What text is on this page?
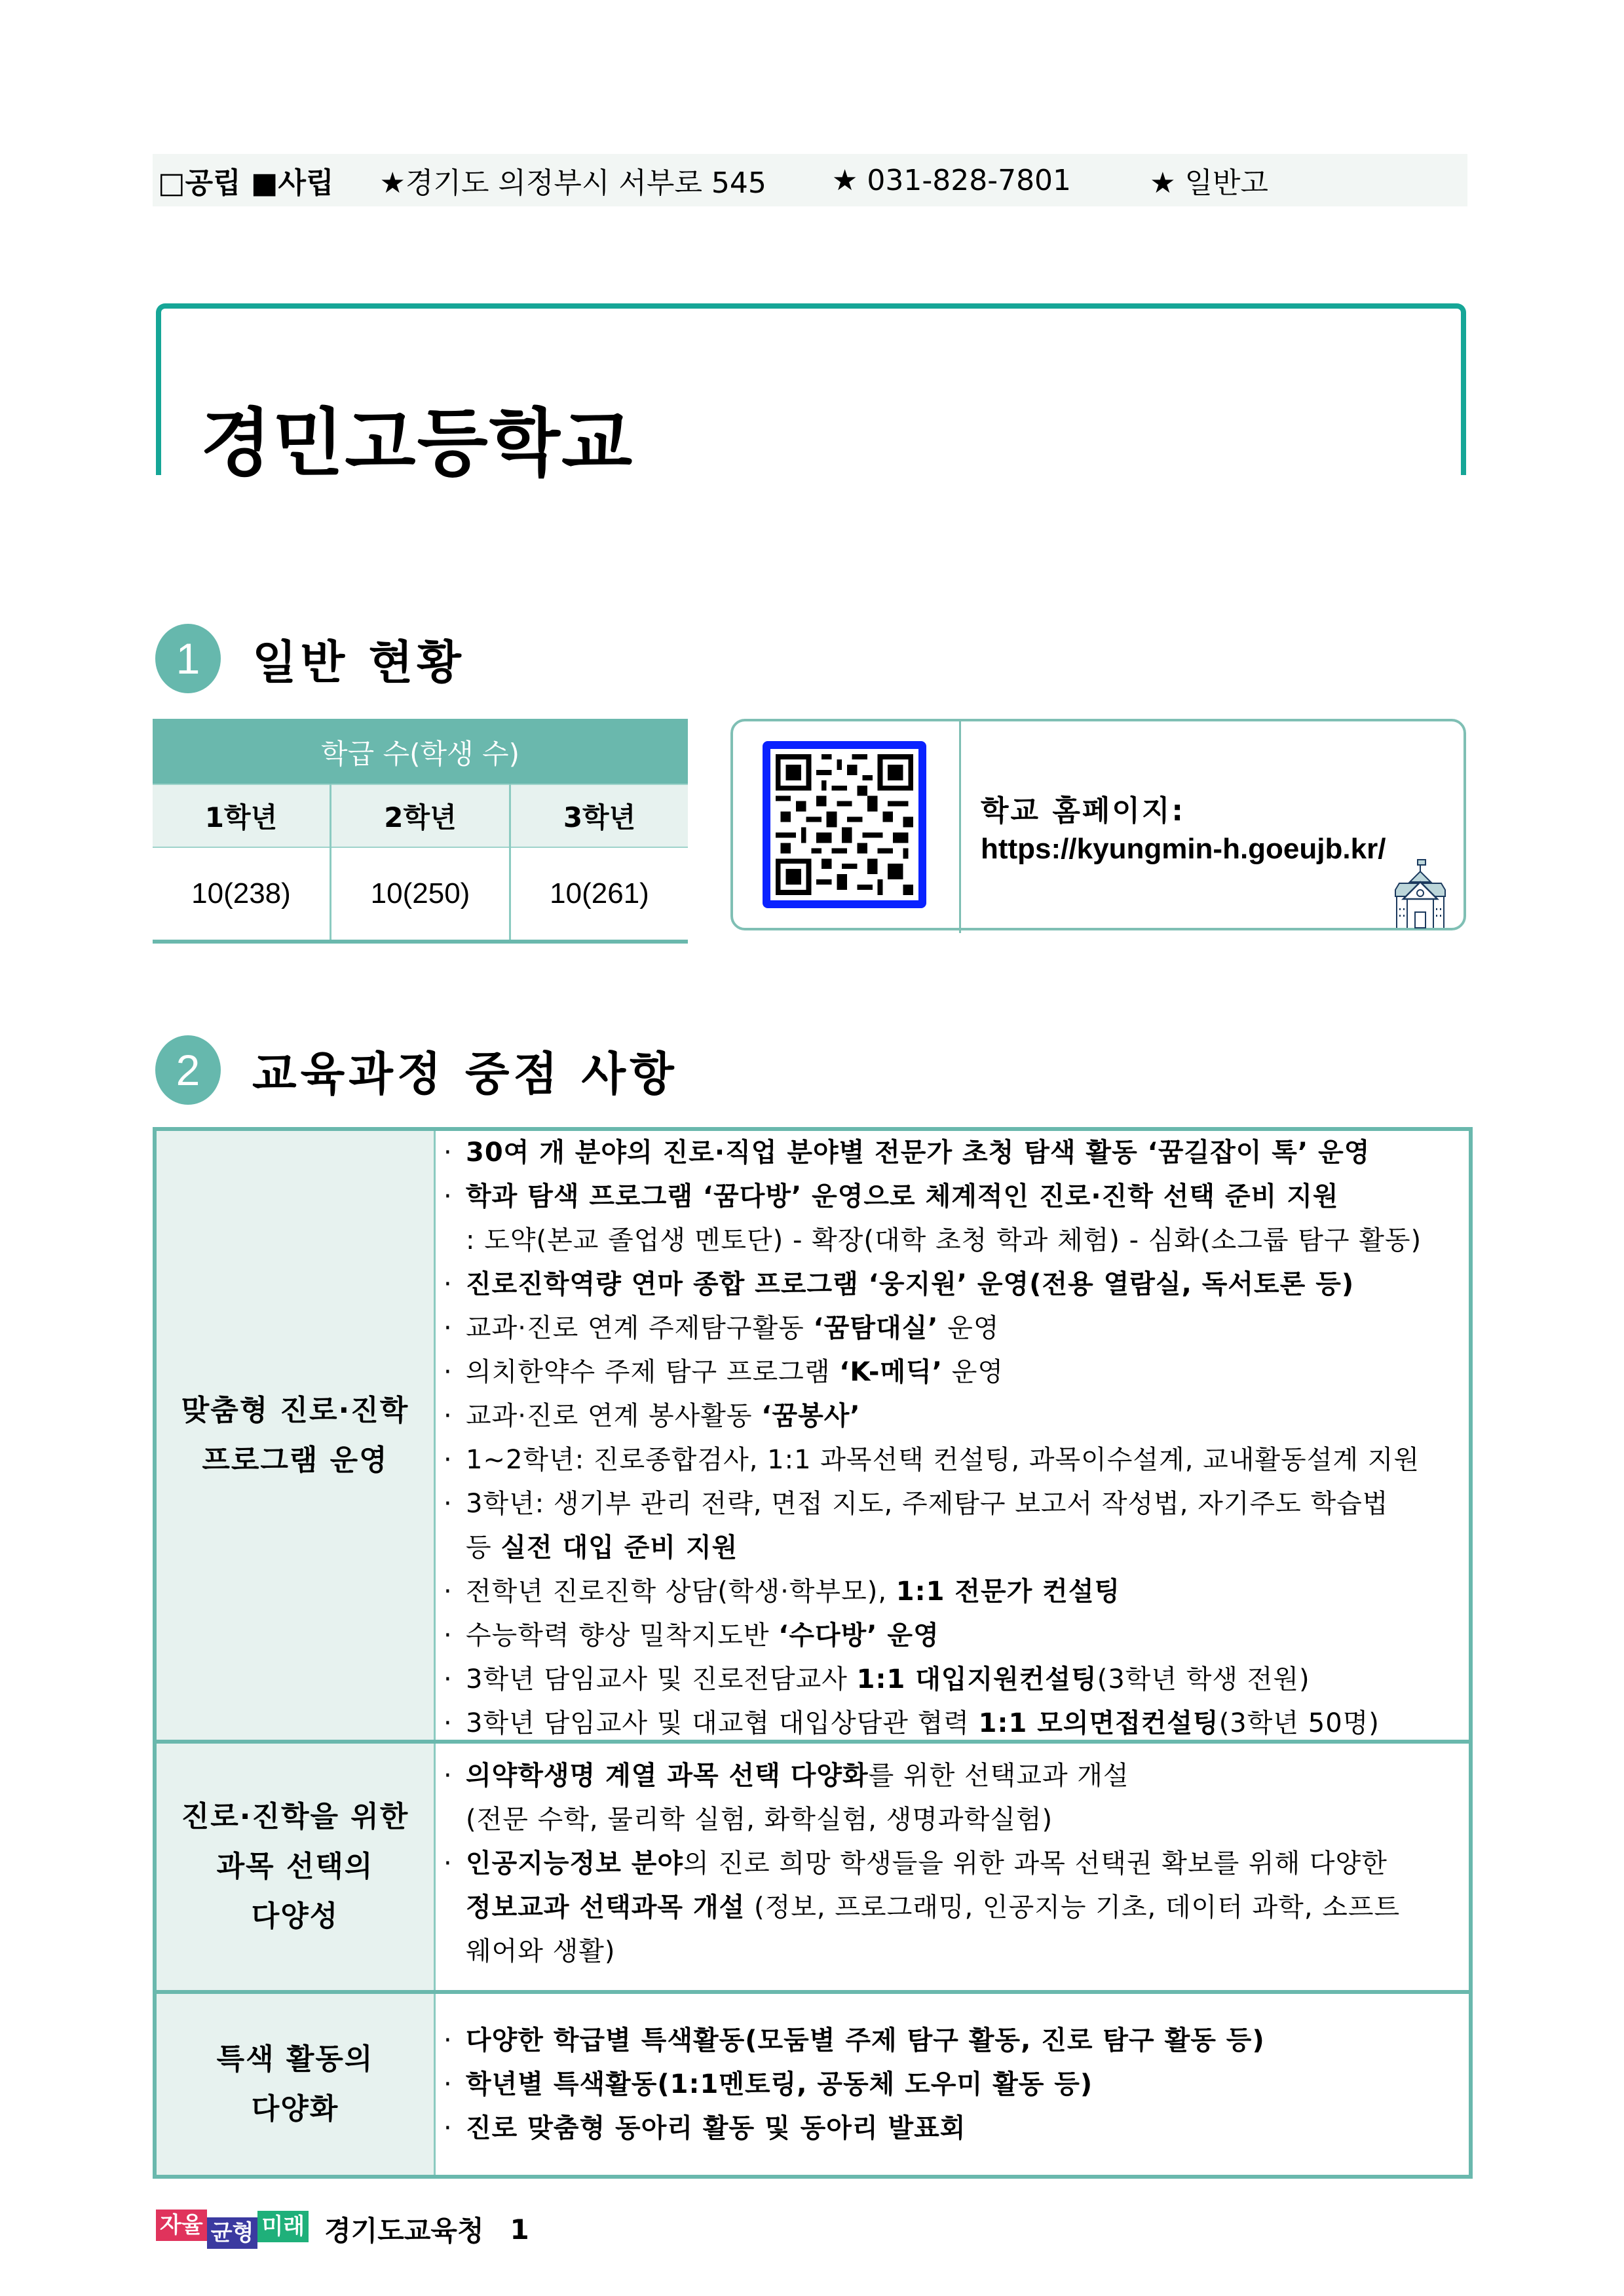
□공립 ■사립 ★경기도 의정부시 서부로 545 ★ 031-828-7801	★ 일반고
경민고등학교
1	일반 현황
학급 수(학생 수)		
1학년	2학년	3학년
10(238)	10(250)	10(261)
학교 홈페이지:
https://kyungmin-h.goeujb.kr/
2	교육과정 중점 사항
맞춤형 진로·진학
프로그램 운영
· 30여 개 분야의 진로·직업 분야별 전문가 초청 탐색 활동 ‘꿈길잡이 톡’ 운영
· 학과 탐색 프로그램 ‘꿈다방’ 운영으로 체계적인 진로·진학 선택 준비 지원
: 도약(본교 졸업생 멘토단) - 확장(대학 초청 학과 체험) - 심화(소그룹 탐구 활동)
· 진로진학역량 연마 종합 프로그램 ‘웅지원’ 운영(전용 열람실, 독서토론 등)
· 교과·진로 연계 주제탐구활동 ‘꿈탐대실’ 운영
· 의치한약수 주제 탐구 프로그램 ‘K-메딕’ 운영
· 교과·진로 연계 봉사활동 ‘꿈봉사’
· 1~2학년: 진로종합검사, 1:1 과목선택 컨설팅, 과목이수설계, 교내활동설계 지원
· 3학년: 생기부 관리 전략, 면접 지도, 주제탐구 보고서 작성법, 자기주도 학습법
등 실전 대입 준비 지원
· 전학년 진로진학 상담(학생·학부모), 1:1 전문가 컨설팅
· 수능학력 향상 밀착지도반 ‘수다방’ 운영
· 3학년 담임교사 및 진로전담교사 1:1 대입지원컨설팅(3학년 학생 전원)
· 3학년 담임교사 및 대교협 대입상담관 협력 1:1 모의면접컨설팅(3학년 50명)
진로·진학을 위한
과목 선택의
다양성
· 의약학생명 계열 과목 선택 다양화를 위한 선택교과 개설
(전문 수학, 물리학 실험, 화학실험, 생명과학실험)
· 인공지능정보 분야의 진로 희망 학생들을 위한 과목 선택권 확보를 위해 다양한
정보교과 선택과목 개설 (정보, 프로그래밍, 인공지능 기초, 데이터 과학, 소프트
웨어와 생활)
특색 활동의
다양화
· 다양한 학급별 특색활동(모둠별 주제 탐구 활동, 진로 탐구 활동 등)
· 학년별 특색활동(1:1멘토링, 공동체 도우미 활동 등)
· 진로 맞춤형 동아리 활동 및 동아리 발표회
자율 균형 미래 경기도교육청 1
